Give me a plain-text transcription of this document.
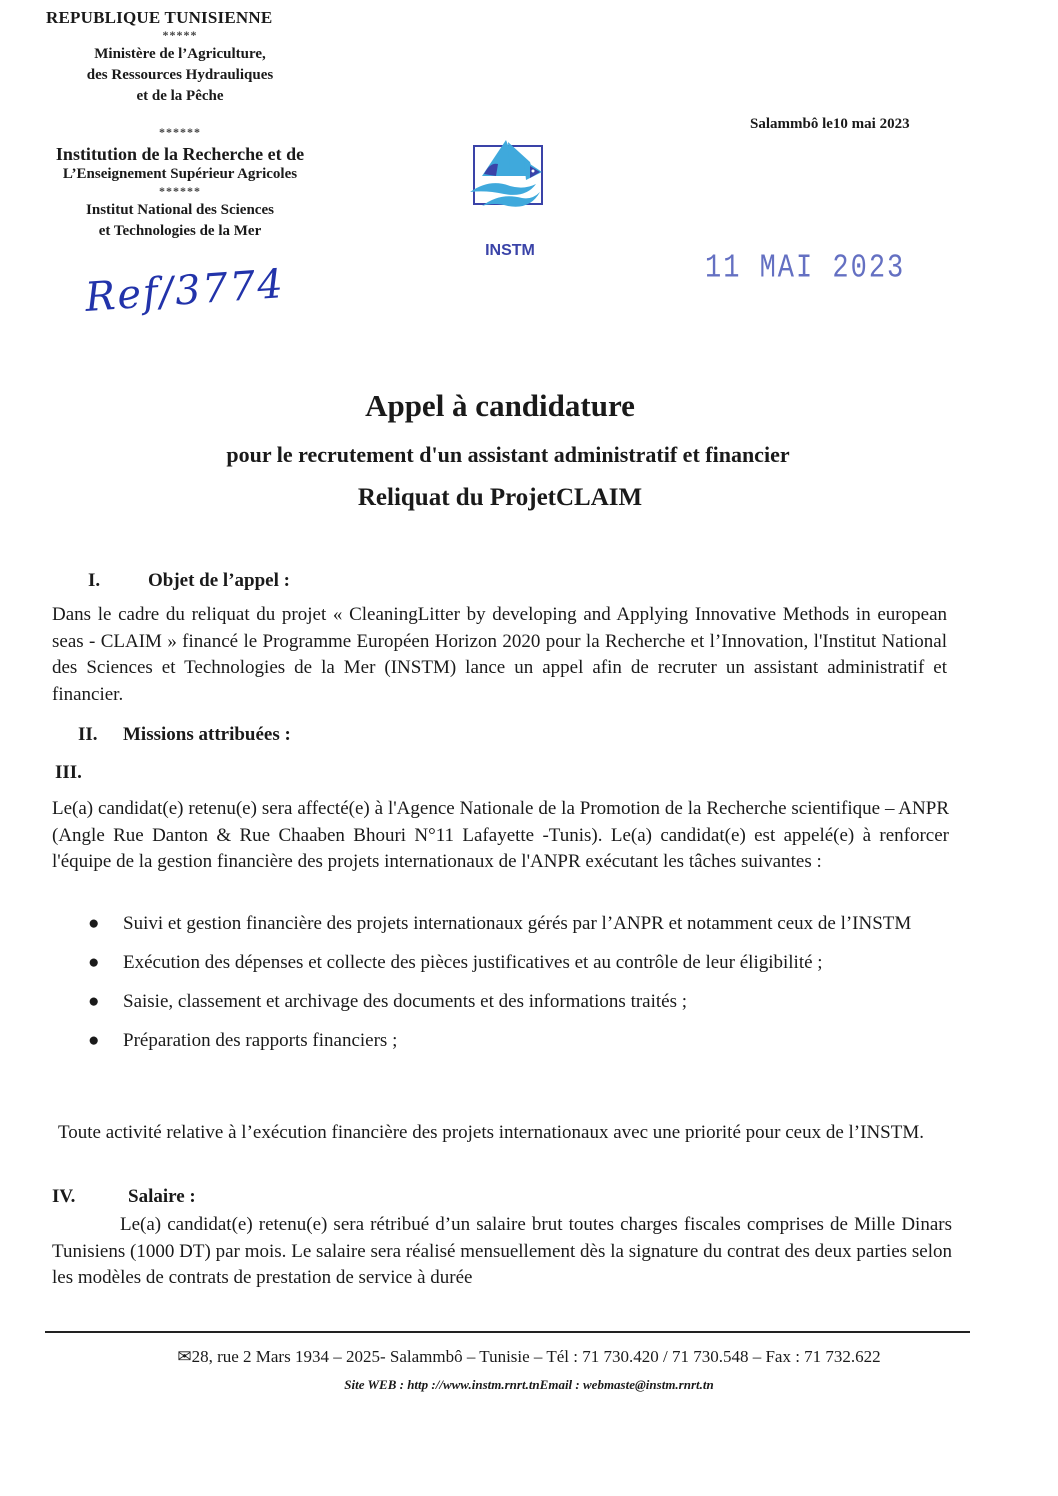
REPUBLIQUE TUNISIENNE
*****
Ministère de l’Agriculture,
des Ressources Hydrauliques
et de la Pêche
******
Institution de la Recherche et de
L’Enseignement Supérieur Agricoles
******
Institut National des Sciences
et Technologies de la Mer
Ref/3774
INSTM
Salammbô le10 mai 2023
11 MAI 2023
Appel à candidature
pour le recrutement d'un assistant administratif et financier
Reliquat du ProjetCLAIM
I.	Objet de l’appel :
Dans le cadre du reliquat du projet « CleaningLitter by developing and Applying Innovative Methods in european seas - CLAIM » financé le Programme Européen Horizon 2020 pour la Recherche et l’Innovation, l'Institut National des Sciences et Technologies de la Mer (INSTM) lance un appel afin de recruter un assistant administratif et financier.
II. Missions attribuées :
III.
Le(a) candidat(e) retenu(e) sera affecté(e) à l'Agence Nationale de la Promotion de la Recherche scientifique – ANPR (Angle Rue Danton & Rue Chaaben Bhouri N°11 Lafayette -Tunis). Le(a) candidat(e) est appelé(e) à renforcer l'équipe de la gestion financière des projets internationaux de l'ANPR exécutant les tâches suivantes :
● Suivi et gestion financière des projets internationaux gérés par l’ANPR et notamment ceux de l’INSTM
● Exécution des dépenses et collecte des pièces justificatives et au contrôle de leur éligibilité ;
● Saisie, classement et archivage des documents et des informations traités ;
● Préparation des rapports financiers ;
Toute activité relative à l’exécution financière des projets internationaux avec une priorité pour ceux de l’INSTM.
IV.	Salaire :
Le(a) candidat(e) retenu(e) sera rétribué d’un salaire brut toutes charges fiscales comprises de Mille Dinars Tunisiens (1000 DT) par mois. Le salaire sera réalisé mensuellement dès la signature du contrat des deux parties selon les modèles de contrats de prestation de service à durée
✉28, rue 2 Mars 1934 – 2025- Salammbô – Tunisie – Tél : 71 730.420 / 71 730.548 – Fax : 71 732.622
Site WEB : http ://www.instm.rnrt.tnEmail : webmaste@instm.rnrt.tn
